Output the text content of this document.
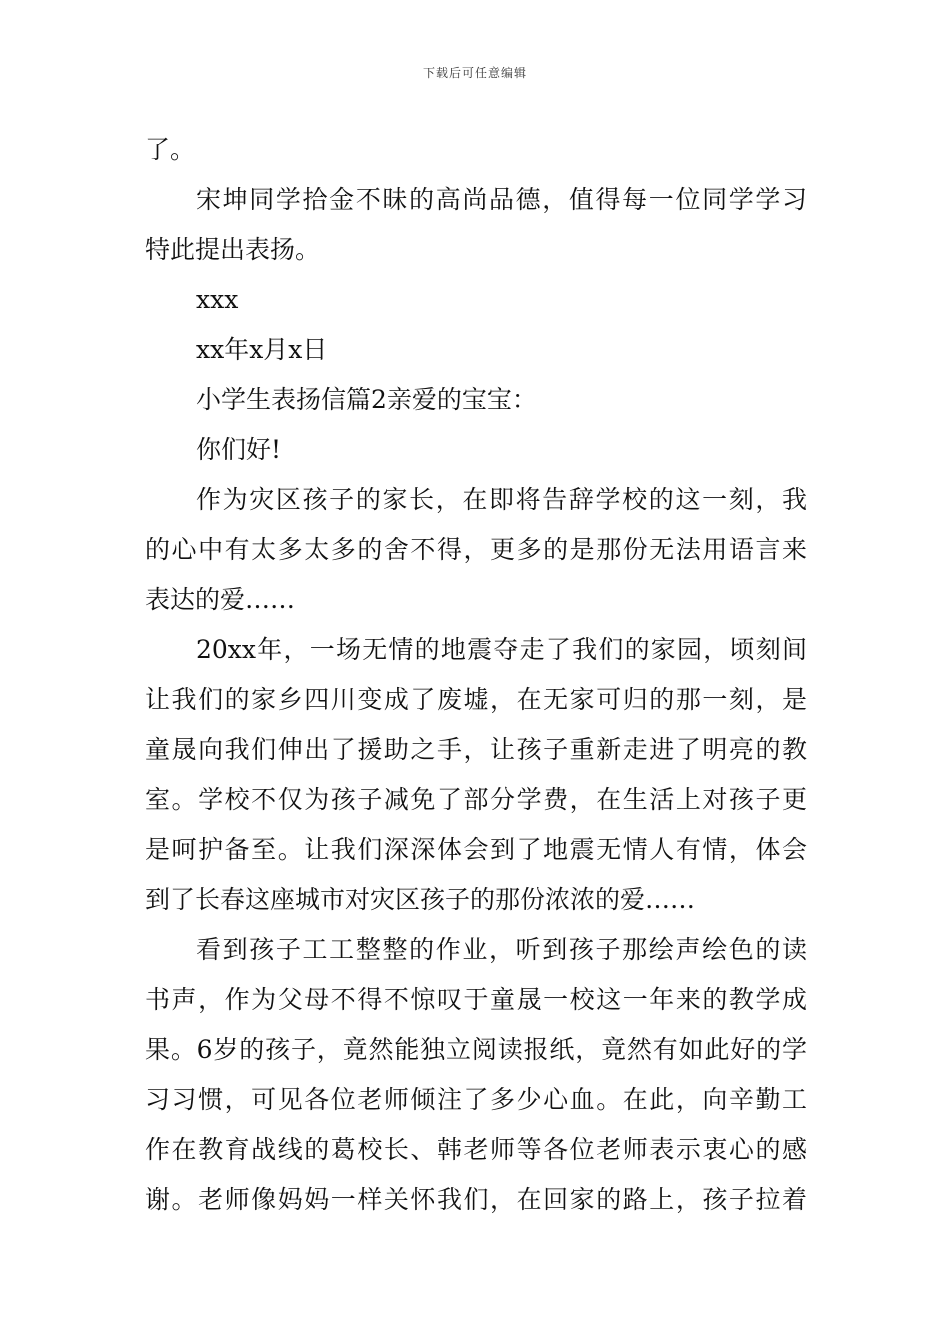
下载后可任意编辑
了。
宋坤同学拾金不昧的高尚品德，值得每一位同学学习
特此提出表扬。
xxx
xx年x月x日
小学生表扬信篇2亲爱的宝宝：
你们好!
作为灾区孩子的家长，在即将告辞学校的这一刻，我
的心中有太多太多的舍不得，更多的是那份无法用语言来
表达的爱……
20xx年，一场无情的地震夺走了我们的家园，顷刻间
让我们的家乡四川变成了废墟，在无家可归的那一刻，是
童晟向我们伸出了援助之手，让孩子重新走进了明亮的教
室。学校不仅为孩子减免了部分学费，在生活上对孩子更
是呵护备至。让我们深深体会到了地震无情人有情，体会
到了长春这座城市对灾区孩子的那份浓浓的爱……
看到孩子工工整整的作业，听到孩子那绘声绘色的读
书声，作为父母不得不惊叹于童晟一校这一年来的教学成
果。6岁的孩子，竟然能独立阅读报纸，竟然有如此好的学
习习惯，可见各位老师倾注了多少心血。在此，向辛勤工
作在教育战线的葛校长、韩老师等各位老师表示衷心的感
谢。老师像妈妈一样关怀我们，在回家的路上，孩子拉着
